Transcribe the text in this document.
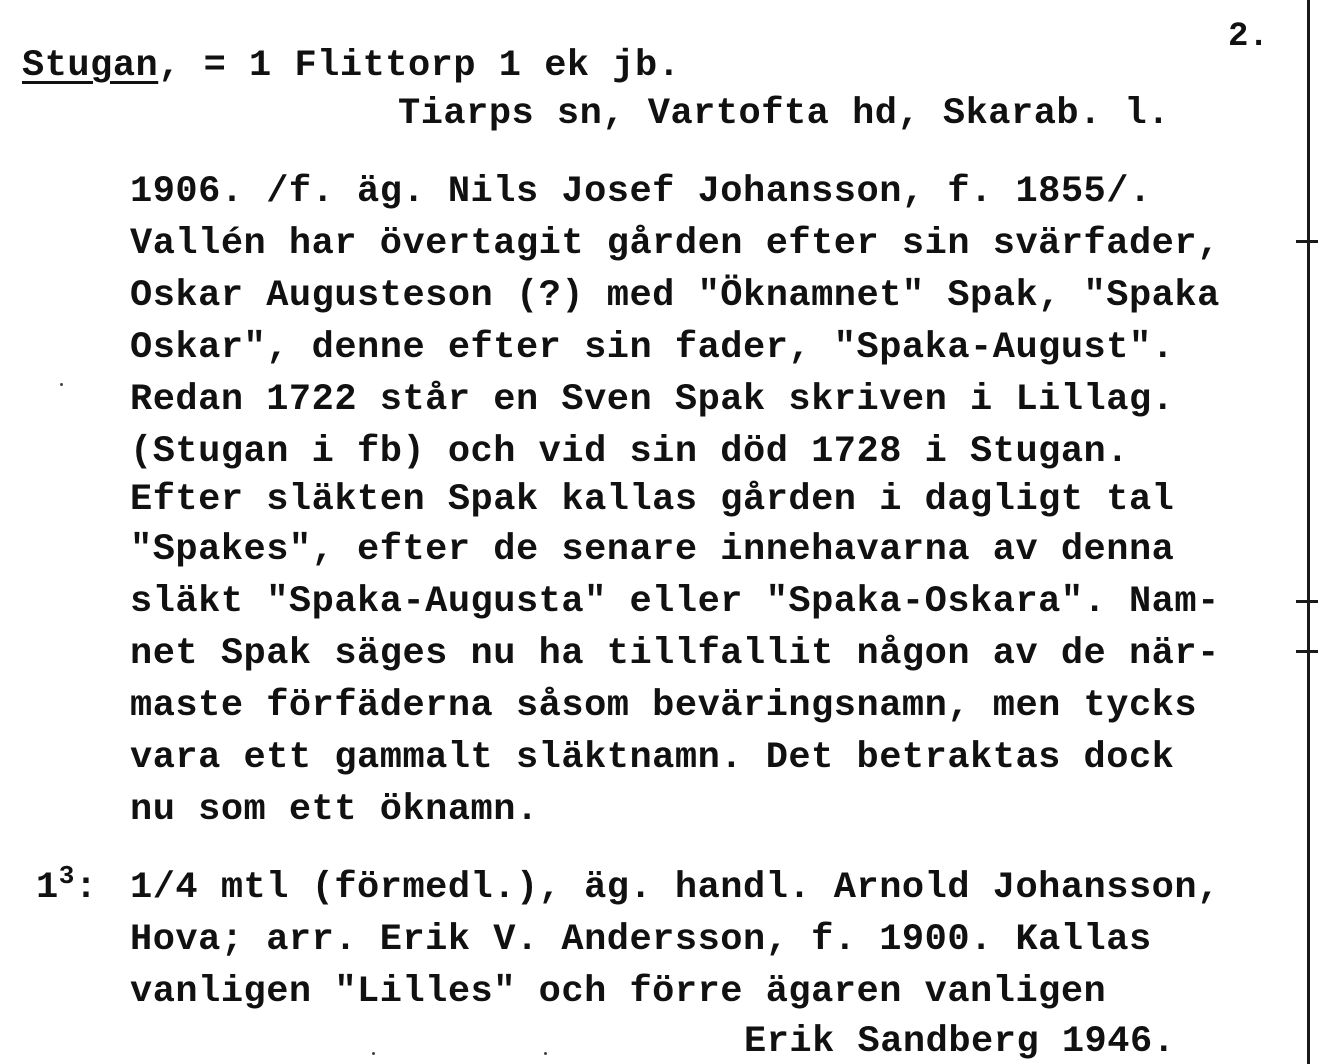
2.
Stugan, = 1 Flittorp 1 ek jb.
Tiarps sn, Vartofta hd, Skarab. l.
1906. /f. äg. Nils Josef Johansson, f. 1855/.
Vallén har övertagit gården efter sin svärfader,
Oskar Augusteson (?) med "Öknamnet" Spak, "Spaka
Oskar", denne efter sin fader, "Spaka-August".
Redan 1722 står en Sven Spak skriven i Lillag.
(Stugan i fb) och vid sin död 1728 i Stugan.
Efter släkten Spak kallas gården i dagligt tal
"Spakes", efter de senare innehavarna av denna
släkt "Spaka-Augusta" eller "Spaka-Oskara". Nam-
net Spak säges nu ha tillfallit någon av de när-
maste förfäderna såsom beväringsnamn, men tycks
vara ett gammalt släktnamn. Det betraktas dock
nu som ett öknamn.
$1^3$: 1/4 mtl (förmedl.), äg. handl. Arnold Johansson,
Hova; arr. Erik V. Andersson, f. 1900. Kallas
vanligen "Lilles" och förre ägaren vanligen
Erik Sandberg 1946.
